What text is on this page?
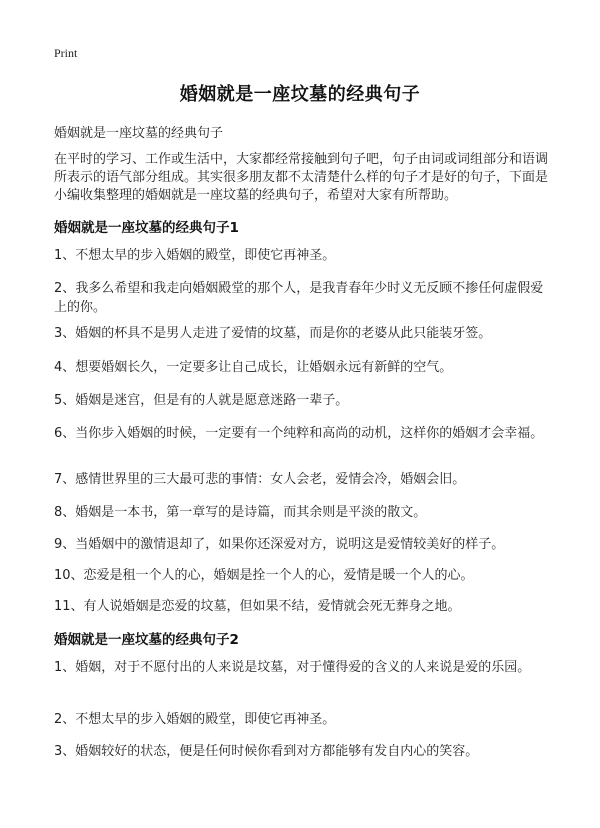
Print
婚姻就是一座坟墓的经典句子
婚姻就是一座坟墓的经典句子
在平时的学习、工作或生活中，大家都经常接触到句子吧，句子由词或词组部分和语调所表示的语气部分组成。其实很多朋友都不太清楚什么样的句子才是好的句子，下面是小编收集整理的婚姻就是一座坟墓的经典句子，希望对大家有所帮助。
婚姻就是一座坟墓的经典句子1
1、不想太早的步入婚姻的殿堂，即使它再神圣。
2、我多么希望和我走向婚姻殿堂的那个人，是我青春年少时义无反顾不掺任何虚假爱上的你。
3、婚姻的杯具不是男人走进了爱情的坟墓，而是你的老婆从此只能装牙签。
4、想要婚姻长久，一定要多让自己成长，让婚姻永远有新鲜的空气。
5、婚姻是迷宫，但是有的人就是愿意迷路一辈子。
6、当你步入婚姻的时候，一定要有一个纯粹和高尚的动机，这样你的婚姻才会幸福。
7、感情世界里的三大最可悲的事情：女人会老，爱情会冷，婚姻会旧。
8、婚姻是一本书，第一章写的是诗篇，而其余则是平淡的散文。
9、当婚姻中的激情退却了，如果你还深爱对方，说明这是爱情较美好的样子。
10、恋爱是租一个人的心，婚姻是拴一个人的心，爱情是暖一个人的心。
11、有人说婚姻是恋爱的坟墓，但如果不结，爱情就会死无葬身之地。
婚姻就是一座坟墓的经典句子2
1、婚姻，对于不愿付出的人来说是坟墓，对于懂得爱的含义的人来说是爱的乐园。
2、不想太早的步入婚姻的殿堂，即使它再神圣。
3、婚姻较好的状态，便是任何时候你看到对方都能够有发自内心的笑容。
